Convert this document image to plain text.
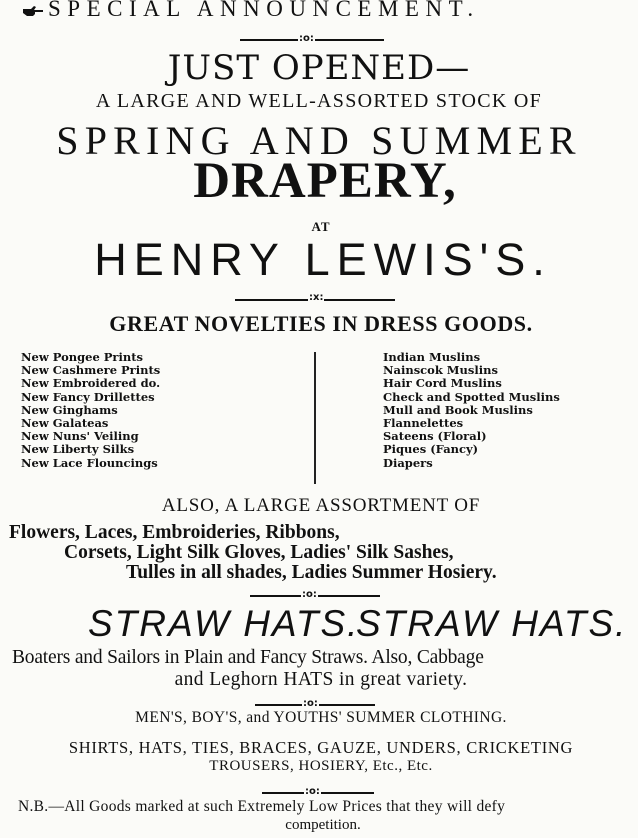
SPECIAL ANNOUNCEMENT.
:o:
JUST OPENED—
A LARGE AND WELL-ASSORTED STOCK OF
SPRING AND SUMMER
DRAPERY,
AT
HENRY LEWIS'S.
:x:
GREAT NOVELTIES IN DRESS GOODS.
New Pongee Prints
New Cashmere Prints
New Embroidered do.
New Fancy Drillettes
New Ginghams
New Galateas
New Nuns' Veiling
New Liberty Silks
New Lace Flouncings
Indian Muslins
Nainscok Muslins
Hair Cord Muslins
Check and Spotted Muslins
Mull and Book Muslins
Flannelettes
Sateens (Floral)
Piques (Fancy)
Diapers
ALSO, A LARGE ASSORTMENT OF
Flowers, Laces, Embroideries, Ribbons,
Corsets, Light Silk Gloves, Ladies' Silk Sashes,
Tulles in all shades, Ladies Summer Hosiery.
:o:
STRAW HATS.
STRAW HATS.
Boaters and Sailors in Plain and Fancy Straws. Also, Cabbage
and Leghorn HATS in great variety.
:o:
MEN'S, BOY'S, and YOUTHS' SUMMER CLOTHING.
SHIRTS, HATS, TIES, BRACES, GAUZE, UNDERS, CRICKETING
TROUSERS, HOSIERY, Etc., Etc.
:o:
N.B.—All Goods marked at such Extremely Low Prices that they will defy
competition.
